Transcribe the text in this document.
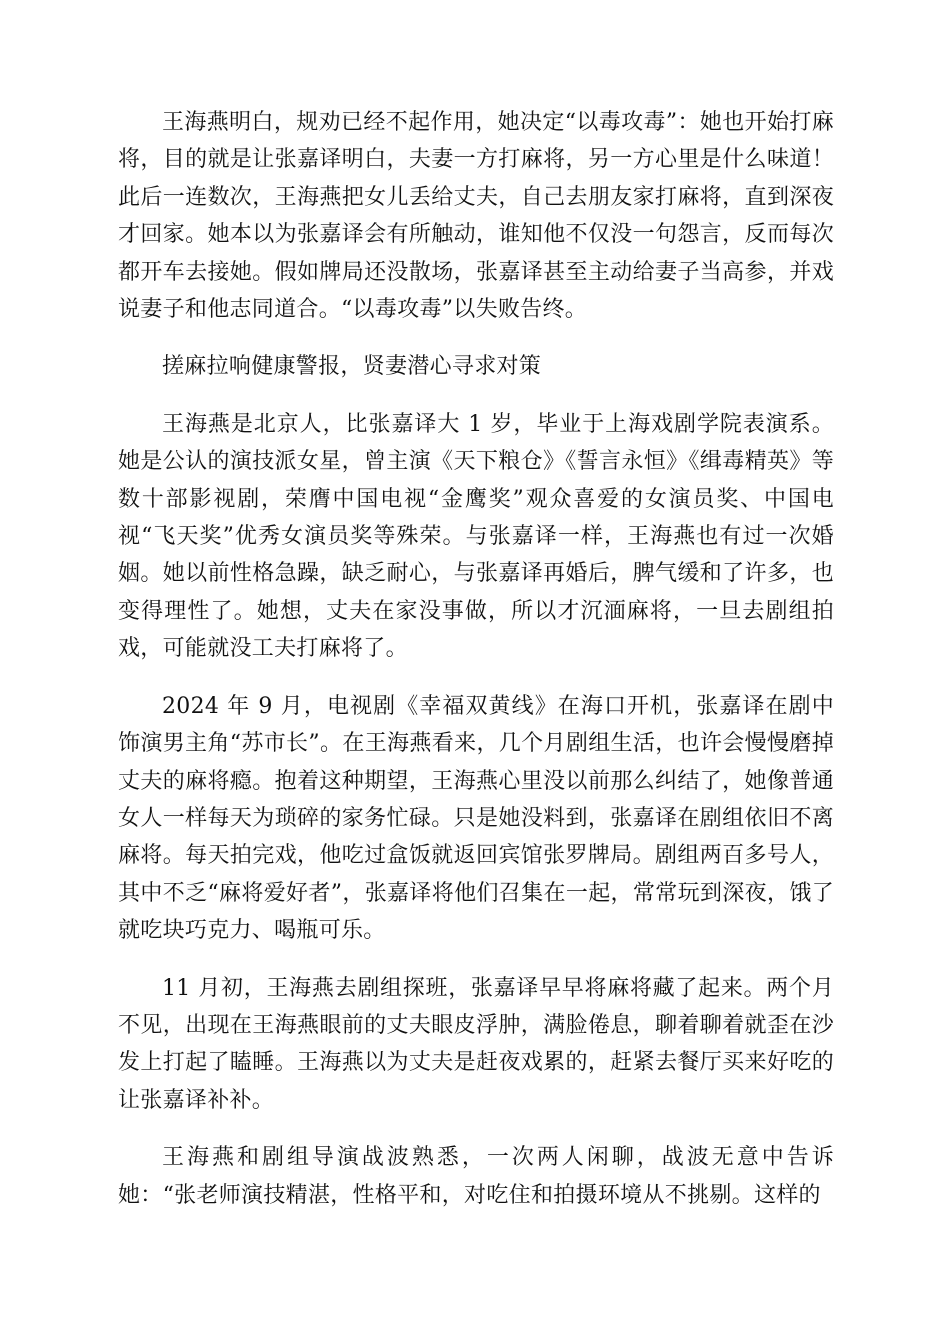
王海燕明白，规劝已经不起作用，她决定“以毒攻毒”：她也开始打麻将，目的就是让张嘉译明白，夫妻一方打麻将，另一方心里是什么味道！此后一连数次，王海燕把女儿丢给丈夫，自己去朋友家打麻将，直到深夜才回家。她本以为张嘉译会有所触动，谁知他不仅没一句怨言，反而每次都开车去接她。假如牌局还没散场，张嘉译甚至主动给妻子当高参，并戏说妻子和他志同道合。“以毒攻毒”以失败告终。

搓麻拉响健康警报，贤妻潜心寻求对策

王海燕是北京人，比张嘉译大 1 岁，毕业于上海戏剧学院表演系。她是公认的演技派女星，曾主演《天下粮仓》《誓言永恒》《缉毒精英》等数十部影视剧，荣膺中国电视“金鹰奖”观众喜爱的女演员奖、中国电视“飞天奖”优秀女演员奖等殊荣。与张嘉译一样，王海燕也有过一次婚姻。她以前性格急躁，缺乏耐心，与张嘉译再婚后，脾气缓和了许多，也变得理性了。她想，丈夫在家没事做，所以才沉湎麻将，一旦去剧组拍戏，可能就没工夫打麻将了。

2024 年 9 月，电视剧《幸福双黄线》在海口开机，张嘉译在剧中饰演男主角“苏市长”。在王海燕看来，几个月剧组生活，也许会慢慢磨掉丈夫的麻将瘾。抱着这种期望，王海燕心里没以前那么纠结了，她像普通女人一样每天为琐碎的家务忙碌。只是她没料到，张嘉译在剧组依旧不离麻将。每天拍完戏，他吃过盒饭就返回宾馆张罗牌局。剧组两百多号人，其中不乏“麻将爱好者”，张嘉译将他们召集在一起，常常玩到深夜，饿了就吃块巧克力、喝瓶可乐。

11 月初，王海燕去剧组探班，张嘉译早早将麻将藏了起来。两个月不见，出现在王海燕眼前的丈夫眼皮浮肿，满脸倦息，聊着聊着就歪在沙发上打起了瞌睡。王海燕以为丈夫是赶夜戏累的，赶紧去餐厅买来好吃的让张嘉译补补。

王海燕和剧组导演战波熟悉，一次两人闲聊，战波无意中告诉她：“张老师演技精湛，性格平和，对吃住和拍摄环境从不挑剔。这样的
